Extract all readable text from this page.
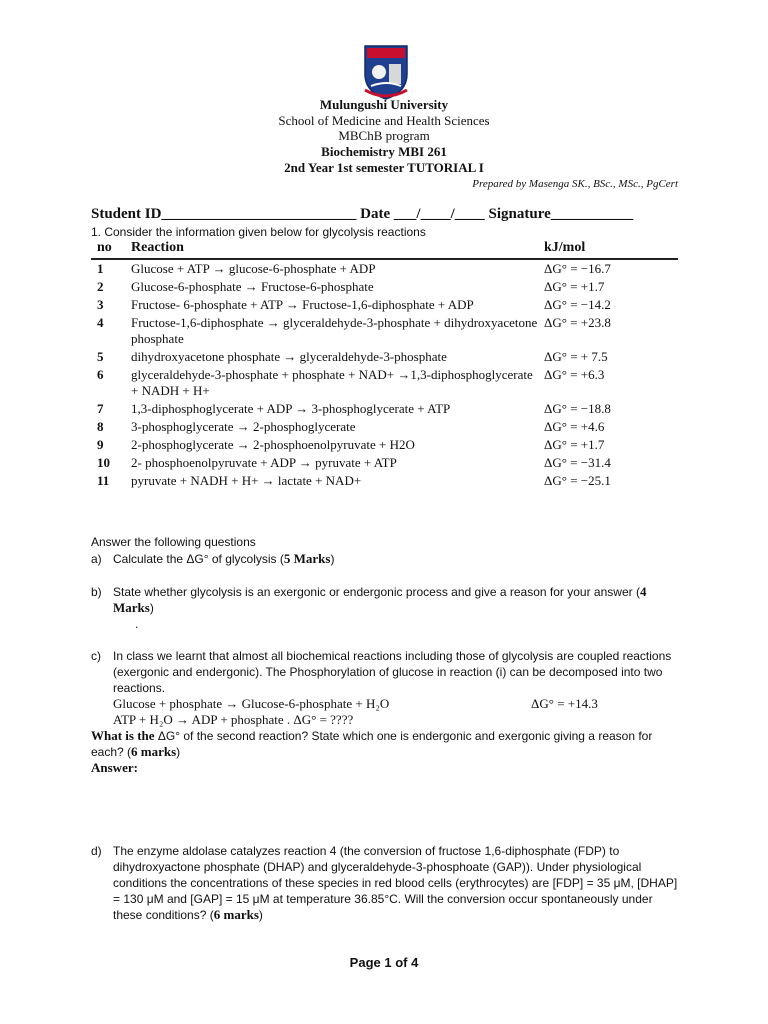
Mulungushi University
School of Medicine and Health Sciences
MBChB program
Biochemistry MBI 261
2nd Year 1st semester TUTORIAL I
Prepared by Masenga SK., BSc., MSc., PgCert
Student ID__________________________ Date ___/____/____ Signature___________
1. Consider the information given below for glycolysis reactions
no	Reaction	kJ/mol
1	Glucose + ATP → glucose-6-phosphate + ADP	ΔG° = −16.7
2	Glucose-6-phosphate → Fructose-6-phosphate	ΔG° = +1.7
3	Fructose- 6-phosphate + ATP → Fructose-1,6-diphosphate + ADP	ΔG° = −14.2
4	Fructose-1,6-diphosphate → glyceraldehyde-3-phosphate + dihydroxyacetone phosphate	ΔG° = +23.8
5	dihydroxyacetone phosphate → glyceraldehyde-3-phosphate	ΔG° = + 7.5
6	glyceraldehyde-3-phosphate + phosphate + NAD+ →1,3-diphosphoglycerate + NADH + H+	ΔG° = +6.3
7	1,3-diphosphoglycerate + ADP → 3-phosphoglycerate + ATP	ΔG° = −18.8
8	3-phosphoglycerate → 2-phosphoglycerate	ΔG° = +4.6
9	2-phosphoglycerate → 2-phosphoenolpyruvate + H2O	ΔG° = +1.7
10	2- phosphoenolpyruvate + ADP → pyruvate + ATP	ΔG° = −31.4
11	pyruvate + NADH + H+ → lactate + NAD+	ΔG° = −25.1
Answer the following questions
a) Calculate the ΔG° of glycolysis (5 Marks)
b) State whether glycolysis is an exergonic or endergonic process and give a reason for your answer (4 Marks)
.
c) In class we learnt that almost all biochemical reactions including those of glycolysis are coupled reactions (exergonic and endergonic). The Phosphorylation of glucose in reaction (i) can be decomposed into two reactions.
Glucose + phosphate → Glucose-6-phosphate + H₂O	ΔG° = +14.3
ATP + H₂O → ADP + phosphate . ΔG° = ????
What is the ΔG° of the second reaction? State which one is endergonic and exergonic giving a reason for each? (6 marks)
Answer:
d) The enzyme aldolase catalyzes reaction 4 (the conversion of fructose 1,6-diphosphate (FDP) to dihydroxyactone phosphate (DHAP) and glyceraldehyde-3-phosphoate (GAP)). Under physiological conditions the concentrations of these species in red blood cells (erythrocytes) are [FDP] = 35 μM, [DHAP] = 130 μM and [GAP] = 15 μM at temperature 36.85°C. Will the conversion occur spontaneously under these conditions? (6 marks)
Page 1 of 4
